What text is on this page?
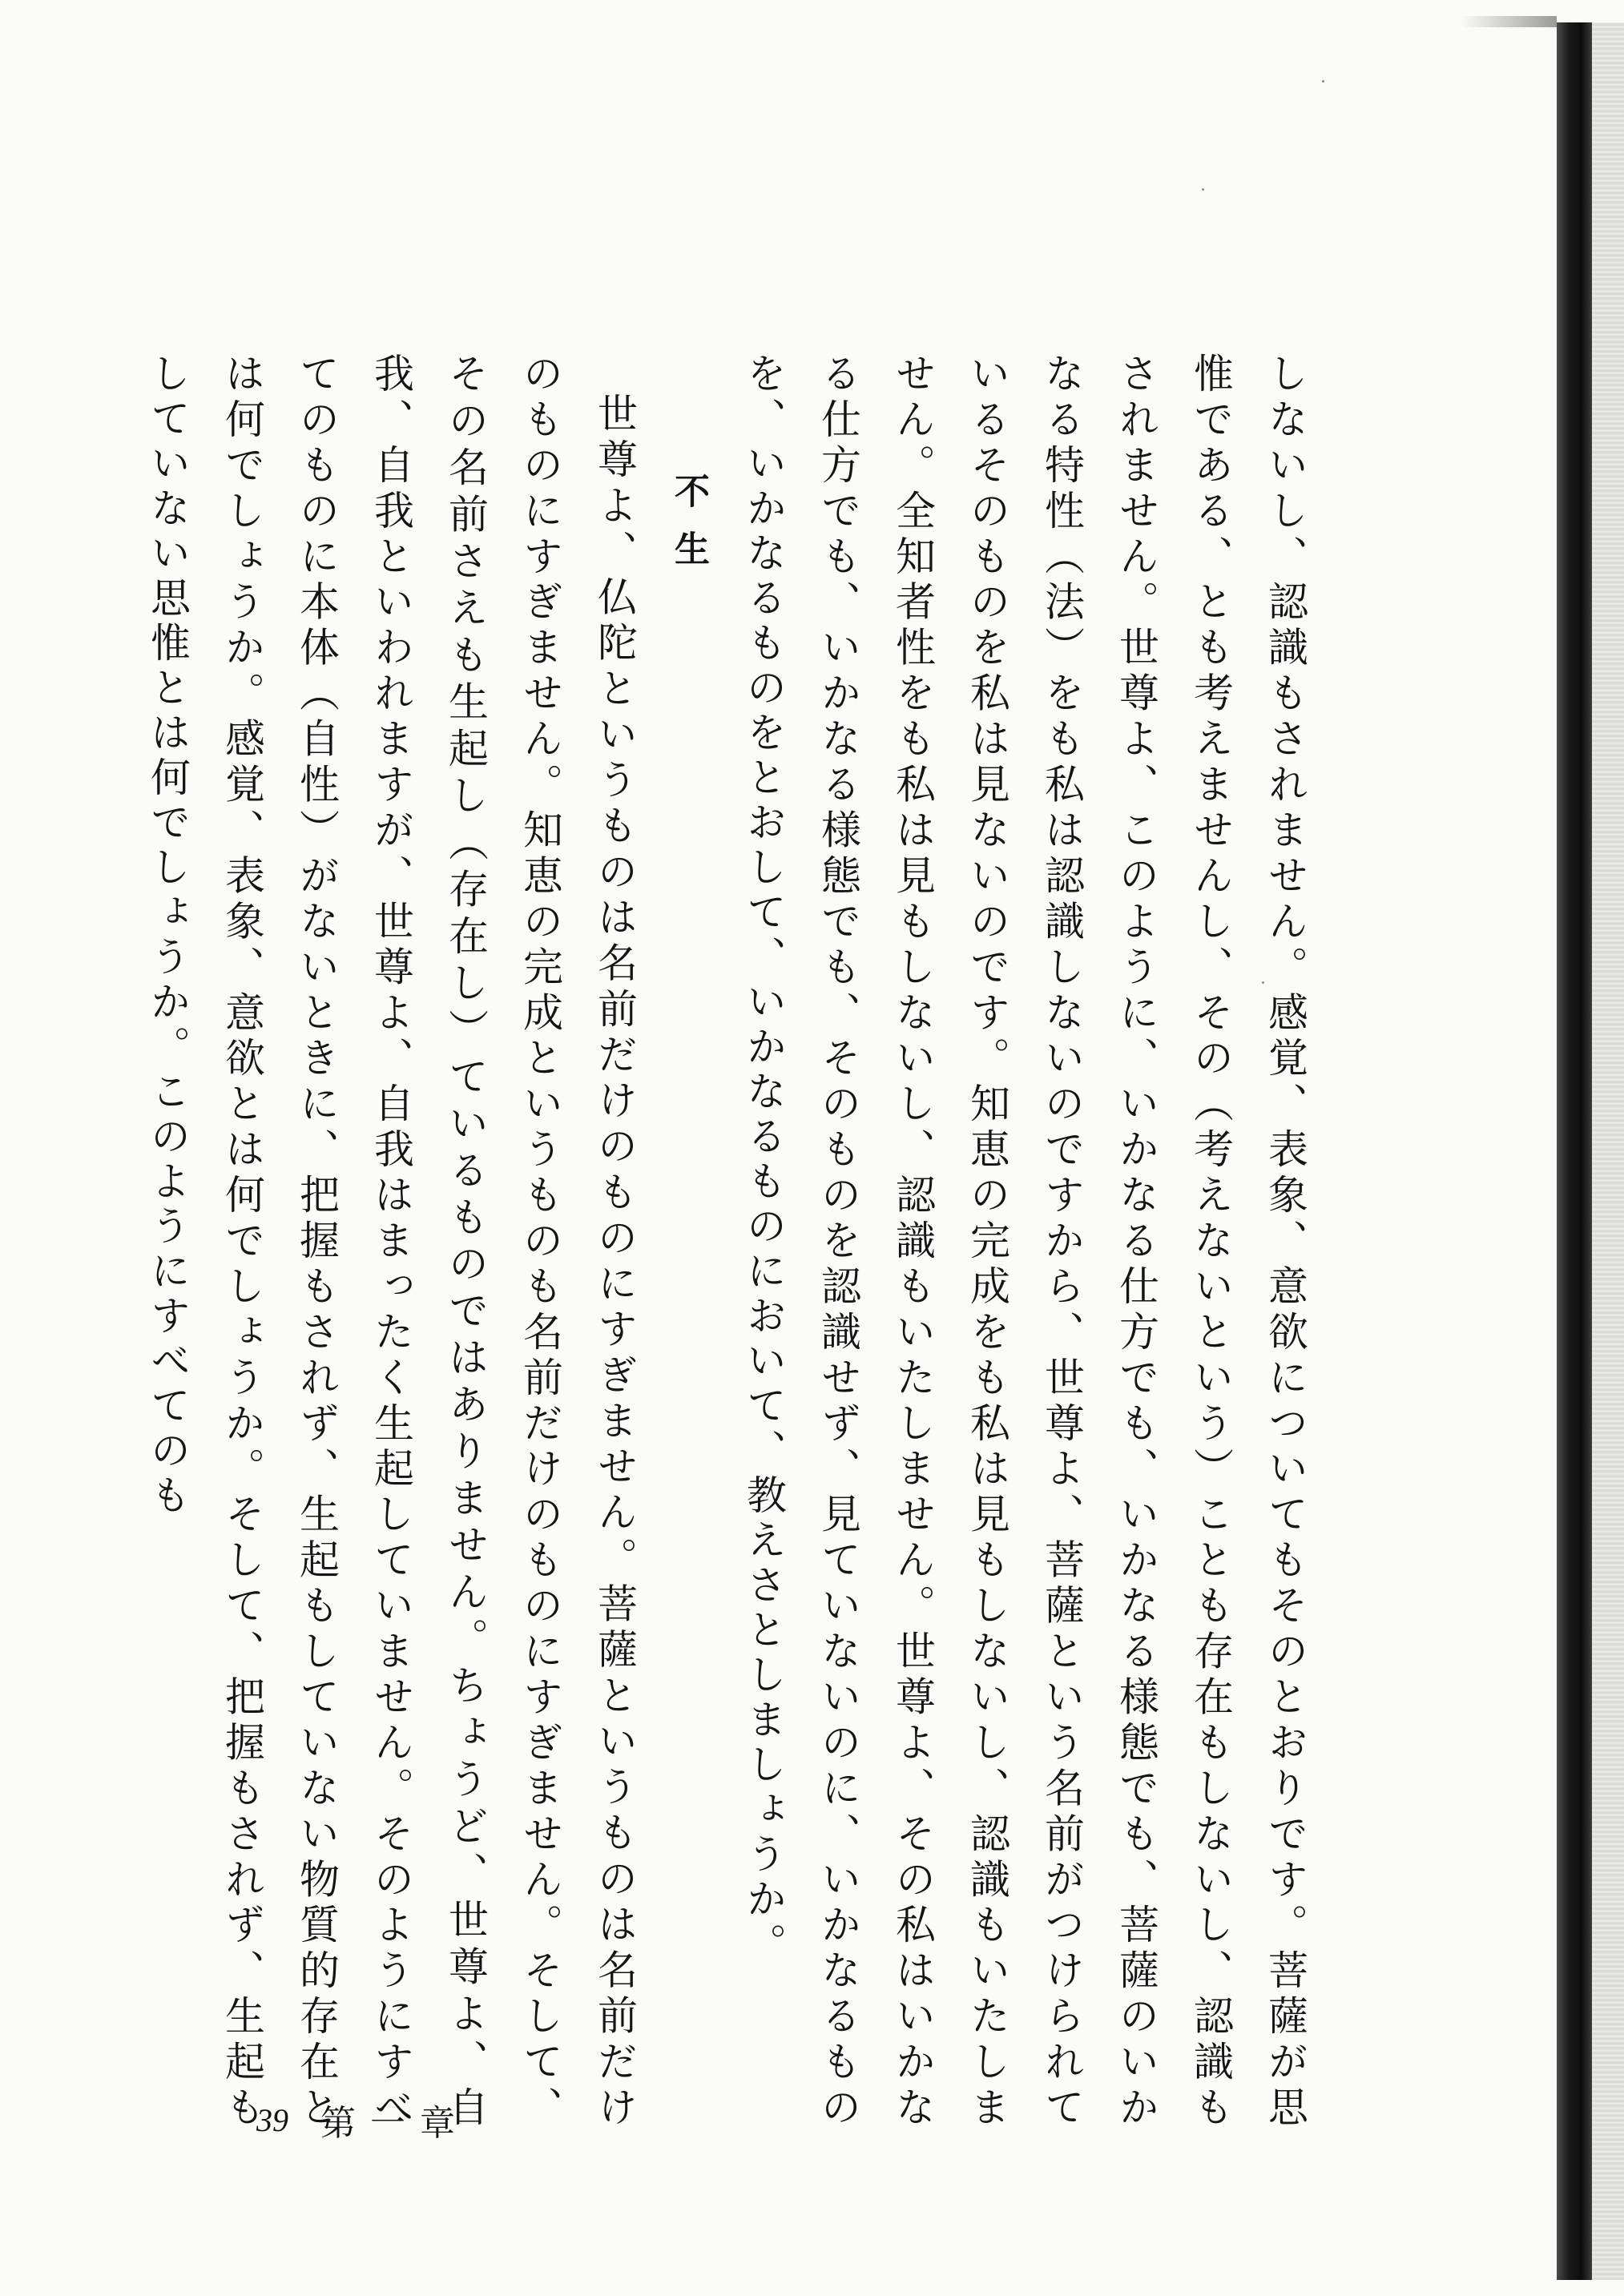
しないし、認識もされません。感覚、表象、意欲についてもそのとおりです。菩薩が思惟である、とも考えませんし、その（考えないという）ことも存在もしないし、認識もされません。世尊よ、このように、いかなる仕方でも、いかなる様態でも、菩薩のいかなる特性（法）をも私は認識しないのですから、世尊よ、菩薩という名前がつけられているそのものを私は見ないのです。知恵の完成をも私は見もしないし、認識もいたしません。全知者性をも私は見もしないし、認識もいたしません。世尊よ、その私はいかなる仕方でも、いかなる様態でも、そのものを認識せず、見ていないのに、いかなるものを、いかなるものをとおして、いかなるものにおいて、教えさとしましょうか。

不生

世尊よ、仏陀というものは名前だけのものにすぎません。菩薩というものは名前だけのものにすぎません。知恵の完成というものも名前だけのものにすぎません。そして、その名前さえも生起し（存在し）ているものではありません。ちょうど、世尊よ、自我、自我といわれますが、世尊よ、自我はまったく生起していません。そのようにすべてのものに本体（自性）がないときに、把握もされず、生起もしていない物質的存在とは何でしょうか。感覚、表象、意欲とは何でしょうか。そして、把握もされず、生起もしていない思惟とは何でしょうか。このようにすべてのも

39 第一章
